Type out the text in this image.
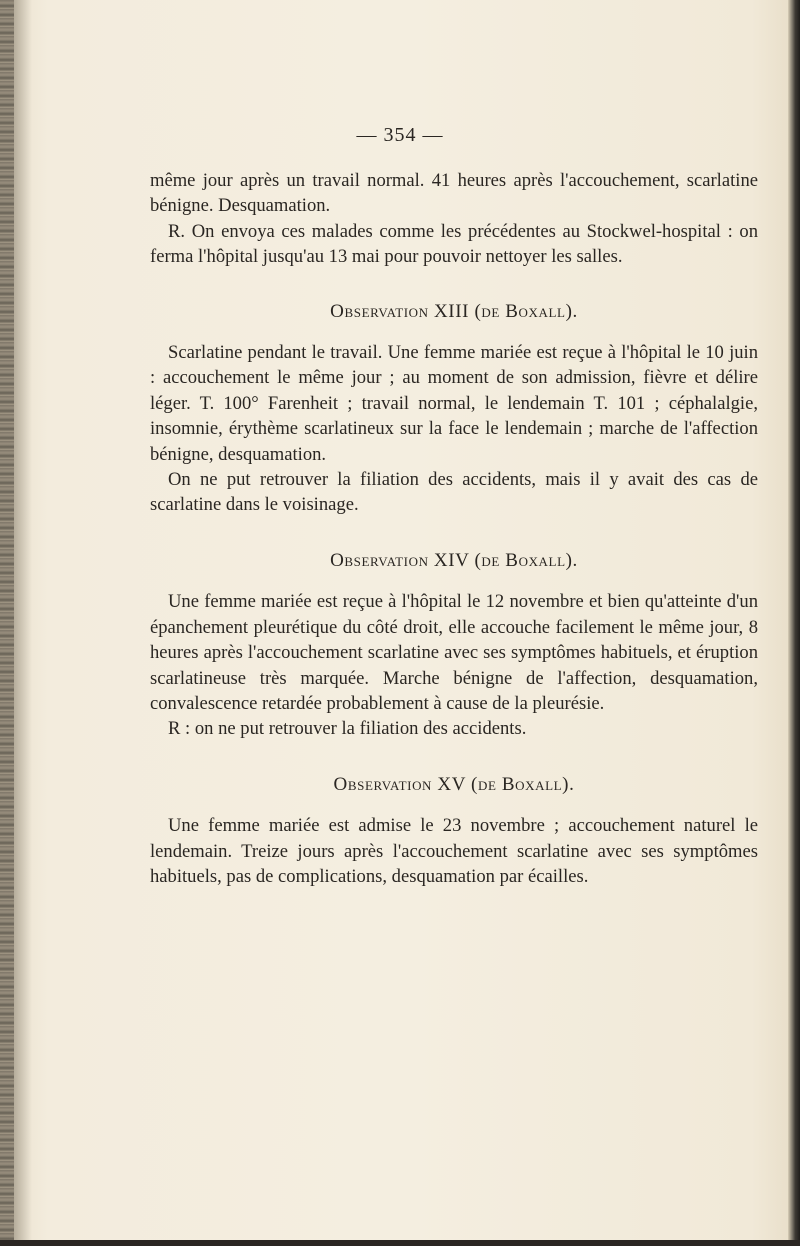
— 354 —

même jour après un travail normal. 41 heures après l'accouchement, scarlatine bénigne. Desquamation.

R. On envoya ces malades comme les précédentes au Stockwel-hospital : on ferma l'hôpital jusqu'au 13 mai pour pouvoir nettoyer les salles.

Observation XIII (de Boxall).

Scarlatine pendant le travail. Une femme mariée est reçue à l'hôpital le 10 juin : accouchement le même jour ; au moment de son admission, fièvre et délire léger. T. 100° Farenheit ; travail normal, le lendemain T. 101 ; céphalalgie, insomnie, érythème scarlatineux sur la face le lendemain ; marche de l'affection bénigne, desquamation.

On ne put retrouver la filiation des accidents, mais il y avait des cas de scarlatine dans le voisinage.

Observation XIV (de Boxall).

Une femme mariée est reçue à l'hôpital le 12 novembre et bien qu'atteinte d'un épanchement pleurétique du côté droit, elle accouche facilement le même jour, 8 heures après l'accouchement scarlatine avec ses symptômes habituels, et éruption scarlatineuse très marquée. Marche bénigne de l'affection, desquamation, convalescence retardée probablement à cause de la pleurésie.

R : on ne put retrouver la filiation des accidents.

Observation XV (de Boxall).

Une femme mariée est admise le 23 novembre ; accouchement naturel le lendemain. Treize jours après l'accouchement scarlatine avec ses symptômes habituels, pas de complications, desquamation par écailles.
